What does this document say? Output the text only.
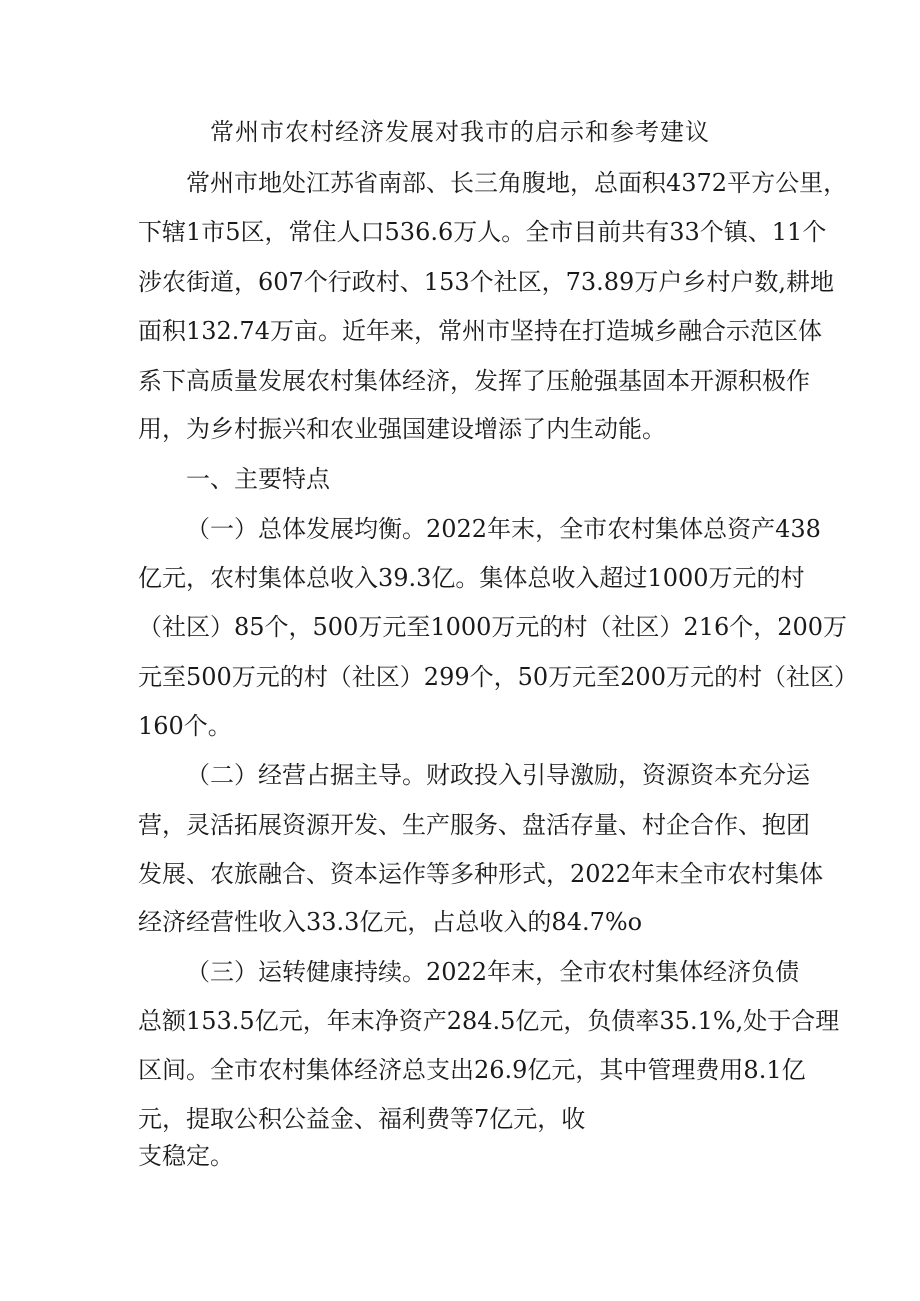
常州市农村经济发展对我市的启示和参考建议
常州市地处江苏省南部、长三角腹地，总面积4372平方公里，
下辖1市5区，常住人口536.6万人。全市目前共有33个镇、11个
涉农街道，607个行政村、153个社区，73.89万户乡村户数,耕地
面积132.74万亩。近年来，常州市坚持在打造城乡融合示范区体
系下高质量发展农村集体经济，发挥了压舱强基固本开源积极作
用，为乡村振兴和农业强国建设增添了内生动能。
一、主要特点
（一）总体发展均衡。2022年末，全市农村集体总资产438
亿元，农村集体总收入39.3亿。集体总收入超过1000万元的村
（社区）85个，500万元至1000万元的村（社区）216个，200万
元至500万元的村（社区）299个，50万元至200万元的村（社区）
160个。
（二）经营占据主导。财政投入引导激励，资源资本充分运
营，灵活拓展资源开发、生产服务、盘活存量、村企合作、抱团
发展、农旅融合、资本运作等多种形式，2022年末全市农村集体
经济经营性收入33.3亿元，占总收入的84.7%o
（三）运转健康持续。2022年末，全市农村集体经济负债
总额153.5亿元，年末净资产284.5亿元，负债率35.1%,处于合理
区间。全市农村集体经济总支出26.9亿元，其中管理费用8.1亿
元，提取公积公益金、福利费等7亿元，收
支稳定。
